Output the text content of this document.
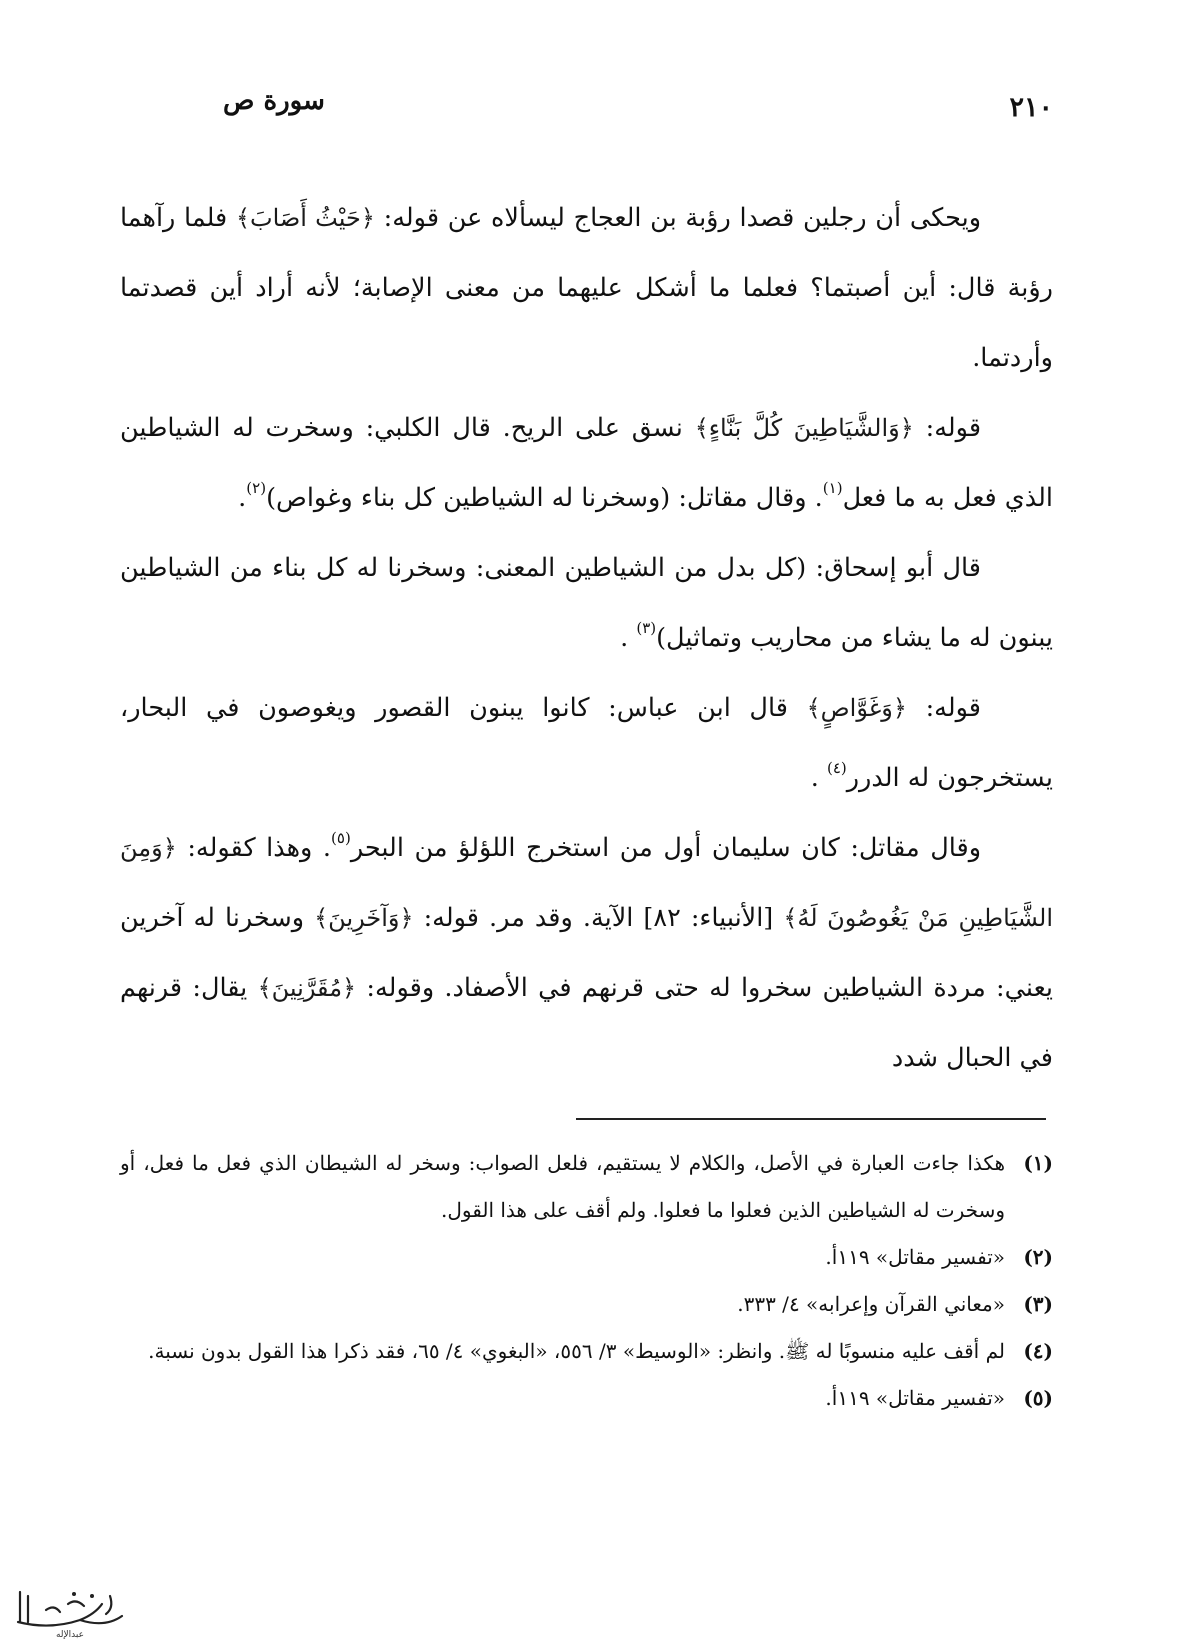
٢١٠
سورة ص

ويحكى أن رجلين قصدا رؤبة بن العجاج ليسألاه عن قوله: ﴿حَيْثُ أَصَابَ﴾ فلما رآهما رؤبة قال: أين أصبتما؟ فعلما ما أشكل عليهما من معنى الإصابة؛ لأنه أراد أين قصدتما وأردتما.

قوله: ﴿وَالشَّيَاطِينَ كُلَّ بَنَّاءٍ﴾ نسق على الريح. قال الكلبي: وسخرت له الشياطين الذي فعل به ما فعل$^{(١)}$. وقال مقاتل: (وسخرنا له الشياطين كل بناء وغواص)$^{(٢)}$.

قال أبو إسحاق: (كل بدل من الشياطين المعنى: وسخرنا له كل بناء من الشياطين يبنون له ما يشاء من محاريب وتماثيل)$^{(٣)}$ .

قوله: ﴿وَغَوَّاصٍ﴾ قال ابن عباس: كانوا يبنون القصور ويغوصون في البحار، يستخرجون له الدرر$^{(٤)}$ .

وقال مقاتل: كان سليمان أول من استخرج اللؤلؤ من البحر$^{(٥)}$. وهذا كقوله: ﴿وَمِنَ الشَّيَاطِينِ مَنْ يَغُوصُونَ لَهُ﴾ [الأنبياء: ٨٢] الآية. وقد مر. قوله: ﴿وَآخَرِينَ﴾ وسخرنا له آخرين يعني: مردة الشياطين سخروا له حتى قرنهم في الأصفاد. وقوله: ﴿مُقَرَّنِينَ﴾ يقال: قرنهم في الحبال شدد

(١)هكذا جاءت العبارة في الأصل، والكلام لا يستقيم، فلعل الصواب: وسخر له الشيطان الذي فعل ما فعل، أو وسخرت له الشياطين الذين فعلوا ما فعلوا. ولم أقف على هذا القول.

(٢)«تفسير مقاتل» ١١٩أ.

(٣)«معاني القرآن وإعرابه» ٤/ ٣٣٣.

(٤)لم أقف عليه منسوبًا له ﷺ. وانظر: «الوسيط» ٣/ ٥٥٦، «البغوي» ٤/ ٦٥، فقد ذكرا هذا القول بدون نسبة.

(٥)«تفسير مقاتل» ١١٩أ.

عبدالإله
